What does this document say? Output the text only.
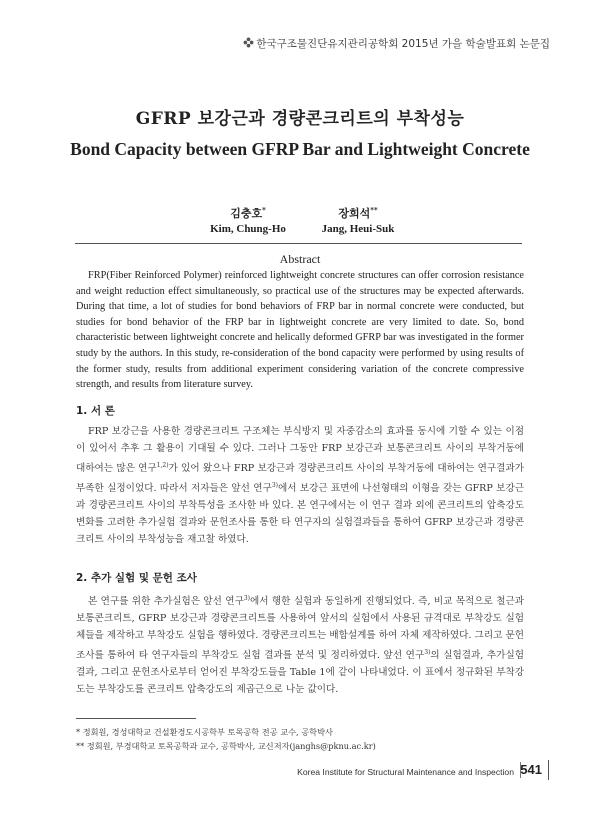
한국구조물진단유지관리공학회 2015년 가을 학술발표회 논문집
GFRP 보강근과 경량콘크리트의 부착성능
Bond Capacity between GFRP Bar and Lightweight Concrete
김충호*
Kim, Chung-Ho
장희석**
Jang, Heui-Suk
Abstract

FRP(Fiber Reinforced Polymer) reinforced lightweight concrete structures can offer corrosion resistance and weight reduction effect simultaneously, so practical use of the structures may be expected afterwards. During that time, a lot of studies for bond behaviors of FRP bar in normal concrete were conducted, but studies for bond behavior of the FRP bar in lightweight concrete are very limited to date. So, bond characteristic between lightweight concrete and helically deformed GFRP bar was investigated in the former study by the authors. In this study, re-consideration of the bond capacity were performed by using results of the former study, results from additional experiment considering variation of the concrete compressive strength, and results from literature survey.

1. 서 론

FRP 보강근을 사용한 경량콘크리트 구조체는 부식방지 및 자중감소의 효과를 동시에 기할 수 있는 이점이 있어서 추후 그 활용이 기대될 수 있다. 그러나 그동안 FRP 보강근과 보통콘크리트 사이의 부착거동에 대하여는 많은 연구$^{1,2)}$가 있어 왔으나 FRP 보강근과 경량콘크리트 사이의 부착거동에 대하여는 연구결과가 부족한 실정이었다. 따라서 저자들은 앞선 연구$^{3)}$에서 보강근 표면에 나선형태의 이형을 갖는 GFRP 보강근과 경량콘크리트 사이의 부착특성을 조사한 바 있다. 본 연구에서는 이 연구 결과 외에 콘크리트의 압축강도 변화를 고려한 추가실험 결과와 문헌조사를 통한 타 연구자의 실험결과들을 통하여 GFRP 보강근과 경량콘크리트 사이의 부착성능을 재고찰 하였다.

2. 추가 실험 및 문헌 조사

본 연구를 위한 추가실험은 앞선 연구$^{3)}$에서 행한 실험과 동일하게 진행되었다. 즉, 비교 목적으로 철근과 보통콘크리트, GFRP 보강근과 경량콘크리트를 사용하여 앞서의 실험에서 사용된 규격대로 부착강도 실험체들을 제작하고 부착강도 실험을 행하였다. 경량콘크리트는 배합설계를 하여 자체 제작하였다. 그리고 문헌조사를 통하여 타 연구자들의 부착강도 실험 결과를 분석 및 정리하였다. 앞선 연구$^{3)}$의 실험결과, 추가실험 결과, 그리고 문헌조사로부터 얻어진 부착강도들을 Table 1에 같이 나타내었다. 이 표에서 정규화된 부착강도는 부착강도를 콘크리트 압축강도의 제곱근으로 나눈 값이다.

* 정회원, 경성대학교 건설환경도시공학부 토목공학 전공 교수, 공학박사
** 정회원, 부경대학교 토목공학과 교수, 공학박사, 교신저자(janghs@pknu.ac.kr)
Korea Institute for Structural Maintenance and Inspection 541
